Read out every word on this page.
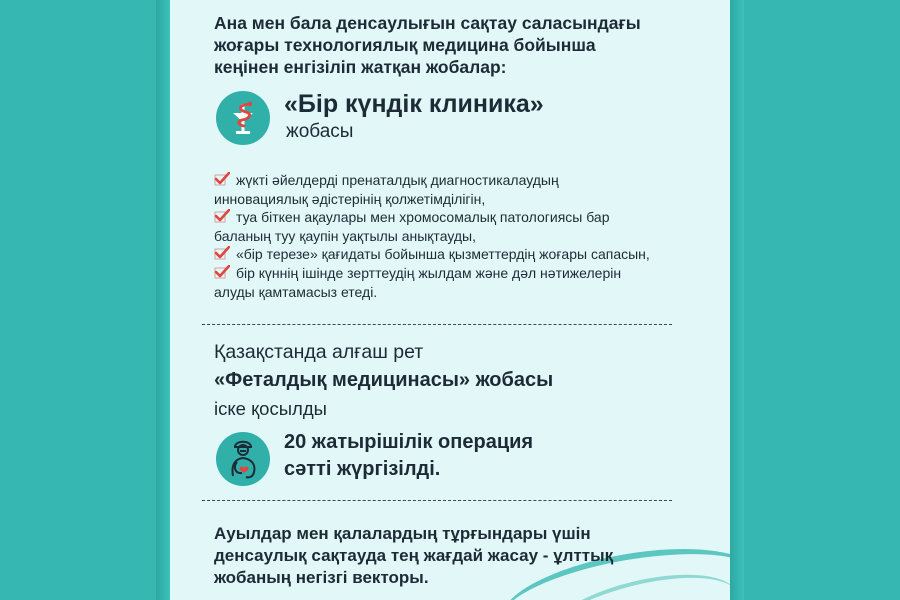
Ана мен бала денсаулығын сақтау саласындағы
жоғары технологиялық медицина бойынша
кеңінен енгізіліп жатқан жобалар:
«Бір күндік клиника»
жобасы
жүкті әйелдерді пренаталдық диагностикалаудың
инновациялық әдістерінің қолжетімділігін,
туа біткен ақаулары мен хромосомалық патологиясы бар
баланың туу қаупін уақтылы анықтауды,
«бір терезе» қағидаты бойынша қызметтердің жоғары сапасын,
бір күннің ішінде зерттеудің жылдам және дәл нәтижелерін
алуды қамтамасыз етеді.
Қазақстанда алғаш рет
«Феталдық медицинасы» жобасы
іске қосылды
20 жатырішілік операция
сәтті жүргізілді.
Ауылдар мен қалалардың тұрғындары үшін
денсаулық сақтауда тең жағдай жасау - ұлттық
жобаның негізгі векторы.
